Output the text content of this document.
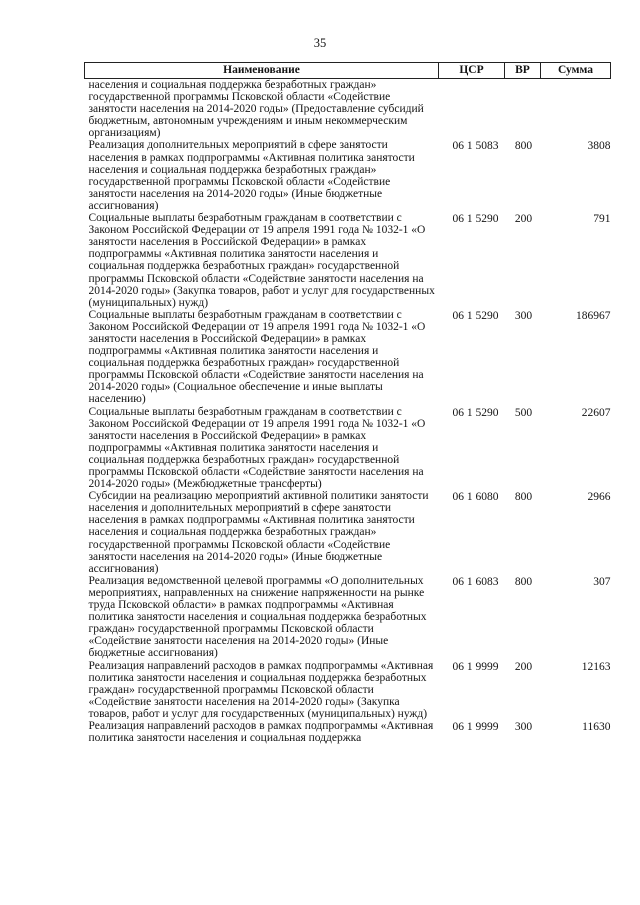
35
Наименование	ЦСР	ВР	Сумма
населения и социальная поддержка безработных граждан» государственной программы Псковской области «Содействие занятости населения на 2014-2020 годы» (Предоставление субсидий бюджетным, автономным учреждениям и иным некоммерческим организациям)			
Реализация дополнительных мероприятий в сфере занятости населения в рамках подпрограммы «Активная политика занятости населения и социальная поддержка безработных граждан» государственной программы Псковской области «Содействие занятости населения на 2014-2020 годы» (Иные бюджетные ассигнования)	06 1 5083	800	3808
Социальные выплаты безработным гражданам в соответствии с Законом Российской Федерации от 19 апреля 1991 года № 1032-1 «О занятости населения в Российской Федерации» в рамках подпрограммы «Активная политика занятости населения и социальная поддержка безработных граждан» государственной программы Псковской области «Содействие занятости населения на 2014-2020 годы» (Закупка товаров, работ и услуг для государственных (муниципальных) нужд)	06 1 5290	200	791
Социальные выплаты безработным гражданам в соответствии с Законом Российской Федерации от 19 апреля 1991 года № 1032-1 «О занятости населения в Российской Федерации» в рамках подпрограммы «Активная политика занятости населения и социальная поддержка безработных граждан» государственной программы Псковской области «Содействие занятости населения на 2014-2020 годы» (Социальное обеспечение и иные выплаты населению)	06 1 5290	300	186967
Социальные выплаты безработным гражданам в соответствии с Законом Российской Федерации от 19 апреля 1991 года № 1032-1 «О занятости населения в Российской Федерации» в рамках подпрограммы «Активная политика занятости населения и социальная поддержка безработных граждан» государственной программы Псковской области «Содействие занятости населения на 2014-2020 годы» (Межбюджетные трансферты)	06 1 5290	500	22607
Субсидии на реализацию мероприятий активной политики занятости населения и дополнительных мероприятий в сфере занятости населения в рамках подпрограммы «Активная политика занятости населения и социальная поддержка безработных граждан» государственной программы Псковской области «Содействие занятости населения на 2014-2020 годы» (Иные бюджетные ассигнования)	06 1 6080	800	2966
Реализация ведомственной целевой программы «О дополнительных мероприятиях, направленных на снижение напряженности на рынке труда Псковской области» в рамках подпрограммы «Активная политика занятости населения и социальная поддержка безработных граждан» государственной программы Псковской области «Содействие занятости населения на 2014-2020 годы» (Иные бюджетные ассигнования)	06 1 6083	800	307
Реализация направлений расходов в рамках подпрограммы «Активная политика занятости населения и социальная поддержка безработных граждан» государственной программы Псковской области «Содействие занятости населения на 2014-2020 годы» (Закупка товаров, работ и услуг для государственных (муниципальных) нужд)	06 1 9999	200	12163
Реализация направлений расходов в рамках подпрограммы «Активная политика занятости населения и социальная поддержка	06 1 9999	300	11630
